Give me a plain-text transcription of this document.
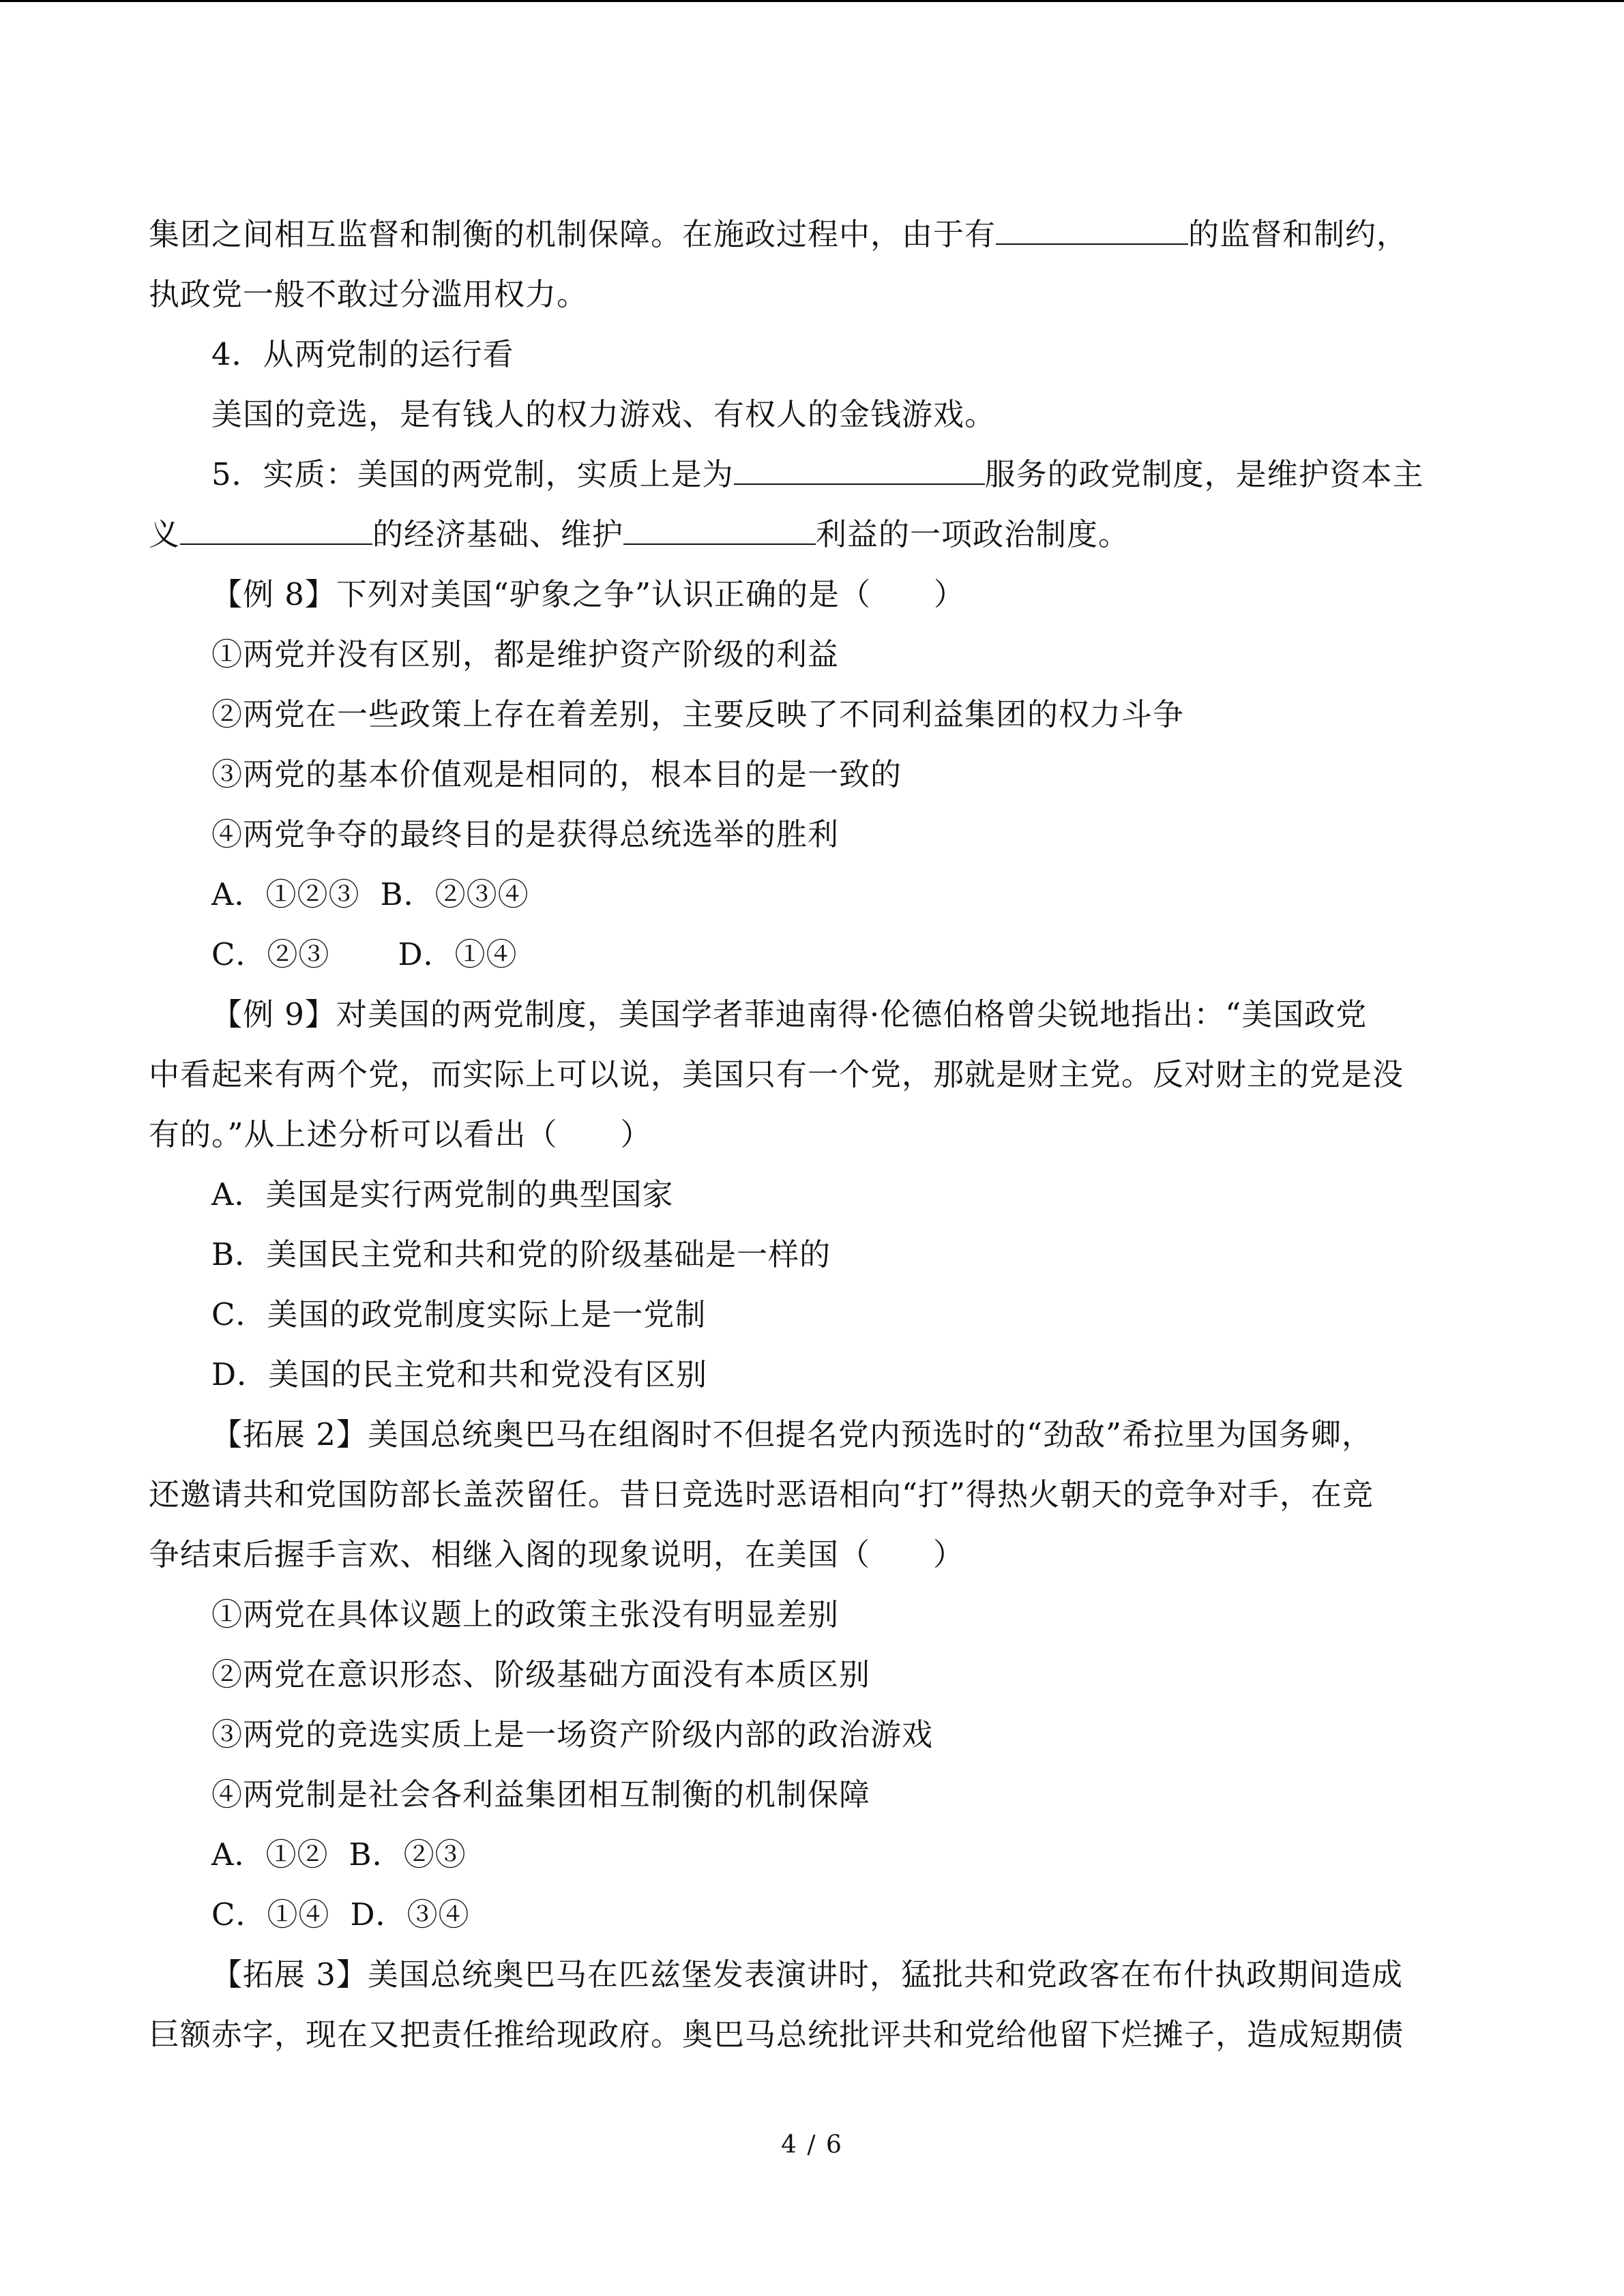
集团之间相互监督和制衡的机制保障。在施政过程中，由于有	的监督和制约，
执政党一般不敢过分滥用权力。
4．从两党制的运行看
美国的竞选，是有钱人的权力游戏、有权人的金钱游戏。
5．实质：美国的两党制，实质上是为	服务的政党制度，是维护资本主
义	的经济基础、维护	利益的一项政治制度。
【例 8】下列对美国“驴象之争”认识正确的是（　　）
①两党并没有区别，都是维护资产阶级的利益
②两党在一些政策上存在着差别，主要反映了不同利益集团的权力斗争
③两党的基本价值观是相同的，根本目的是一致的
④两党争夺的最终目的是获得总统选举的胜利
A．①②③ B．②③④
C．②③ D．①④
【例 9】对美国的两党制度，美国学者菲迪南得·伦德伯格曾尖锐地指出：“美国政党
中看起来有两个党，而实际上可以说，美国只有一个党，那就是财主党。反对财主的党是没
有的。”从上述分析可以看出（　　）
A．美国是实行两党制的典型国家
B．美国民主党和共和党的阶级基础是一样的
C．美国的政党制度实际上是一党制
D．美国的民主党和共和党没有区别
【拓展 2】美国总统奥巴马在组阁时不但提名党内预选时的“劲敌”希拉里为国务卿，
还邀请共和党国防部长盖茨留任。昔日竞选时恶语相向“打”得热火朝天的竞争对手，在竞
争结束后握手言欢、相继入阁的现象说明，在美国（　　）
①两党在具体议题上的政策主张没有明显差别
②两党在意识形态、阶级基础方面没有本质区别
③两党的竞选实质上是一场资产阶级内部的政治游戏
④两党制是社会各利益集团相互制衡的机制保障
A．①② B．②③
C．①④ D．③④
【拓展 3】美国总统奥巴马在匹兹堡发表演讲时，猛批共和党政客在布什执政期间造成
巨额赤字，现在又把责任推给现政府。奥巴马总统批评共和党给他留下烂摊子，造成短期债
4 / 6
